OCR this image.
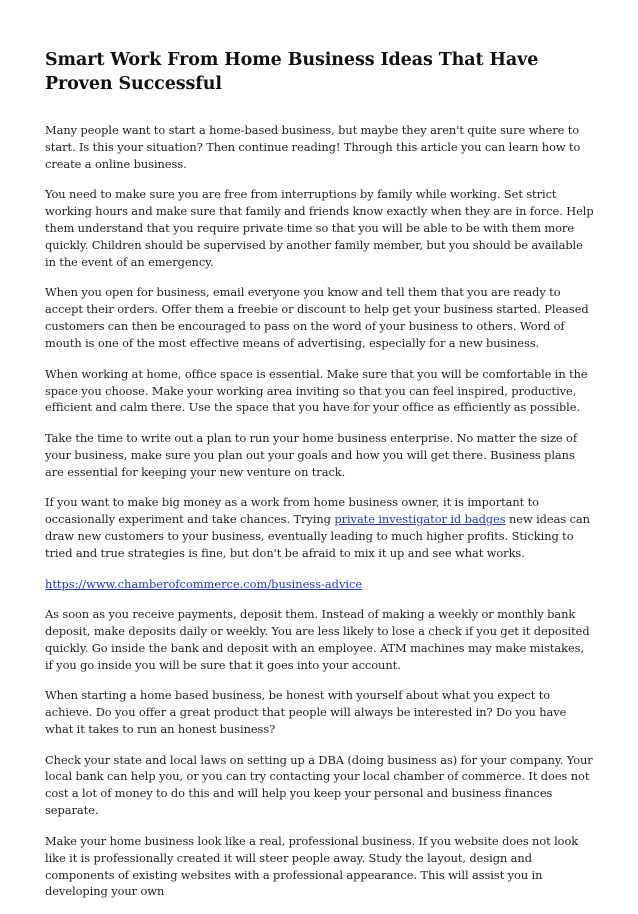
Smart Work From Home Business Ideas That Have Proven Successful

Many people want to start a home-based business, but maybe they aren't quite sure where to start. Is this your situation? Then continue reading! Through this article you can learn how to create a online business.

You need to make sure you are free from interruptions by family while working. Set strict working hours and make sure that family and friends know exactly when they are in force. Help them understand that you require private time so that you will be able to be with them more quickly. Children should be supervised by another family member, but you should be available in the event of an emergency.

When you open for business, email everyone you know and tell them that you are ready to accept their orders. Offer them a freebie or discount to help get your business started. Pleased customers can then be encouraged to pass on the word of your business to others. Word of mouth is one of the most effective means of advertising, especially for a new business.

When working at home, office space is essential. Make sure that you will be comfortable in the space you choose. Make your working area inviting so that you can feel inspired, productive, efficient and calm there. Use the space that you have for your office as efficiently as possible.

Take the time to write out a plan to run your home business enterprise. No matter the size of your business, make sure you plan out your goals and how you will get there. Business plans are essential for keeping your new venture on track.

If you want to make big money as a work from home business owner, it is important to occasionally experiment and take chances. Trying private investigator id badges new ideas can draw new customers to your business, eventually leading to much higher profits. Sticking to tried and true strategies is fine, but don't be afraid to mix it up and see what works.

https://www.chamberofcommerce.com/business-advice

As soon as you receive payments, deposit them. Instead of making a weekly or monthly bank deposit, make deposits daily or weekly. You are less likely to lose a check if you get it deposited quickly. Go inside the bank and deposit with an employee. ATM machines may make mistakes, if you go inside you will be sure that it goes into your account.

When starting a home based business, be honest with yourself about what you expect to achieve. Do you offer a great product that people will always be interested in? Do you have what it takes to run an honest business?

Check your state and local laws on setting up a DBA (doing business as) for your company. Your local bank can help you, or you can try contacting your local chamber of commerce. It does not cost a lot of money to do this and will help you keep your personal and business finances separate.

Make your home business look like a real, professional business. If you website does not look like it is professionally created it will steer people away. Study the layout, design and components of existing websites with a professional appearance. This will assist you in developing your own
